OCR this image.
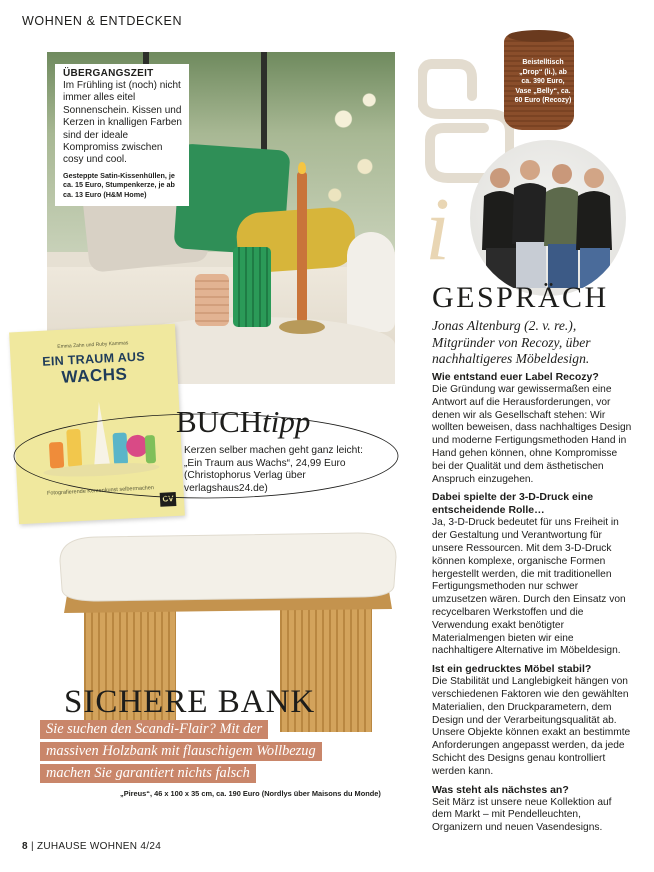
WOHNEN & ENTDECKEN

ÜBERGANGSZEIT

Im Frühling ist (noch) nicht immer alles eitel Sonnenschein. Kissen und Kerzen in knalligen Farben sind der ideale Kompromiss zwischen cosy und cool.

Gesteppte Satin-Kissenhüllen, je ca. 15 Euro, Stumpenkerze, je ab ca. 13 Euro (H&M Home)

Emma Zahn und Ruby Kammas
EIN TRAUM AUS
WACHS
Fotografierende Kerzenkunst selbermachen
CV
BUCHtipp
Kerzen selber machen geht ganz leicht: „Ein Traum aus Wachs“, 24,99 Euro (Christophorus Verlag über verlagshaus24.de)
SICHERE BANK
Sie suchen den Scandi-Flair? Mit der
massiven Holzbank mit flauschigem Wollbezug
machen Sie garantiert nichts falsch
„Pireus“, 46 x 100 x 35 cm, ca. 190 Euro (Nordlys über Maisons du Monde)
Beistelltisch „Drop“ (li.), ab ca. 390 Euro, Vase „Belly“, ca. 60 Euro (Recozy)
i
m
GESPRÄCH
Jonas Altenburg (2. v. re.), Mitgründer von Recozy, über nachhaltigeres Möbeldesign.

Wie entstand euer Label Recozy?

Die Gründung war gewissermaßen eine Antwort auf die Herausforderungen, vor denen wir als Gesellschaft stehen: Wir wollten beweisen, dass nachhaltiges Design und moderne Fertigungsmethoden Hand in Hand gehen können, ohne Kompromisse bei der Qualität und dem ästhetischen Anspruch einzugehen.

Dabei spielte der 3-D-Druck eine entscheidende Rolle…

Ja, 3-D-Druck bedeutet für uns Freiheit in der Gestaltung und Verantwortung für unsere Ressourcen. Mit dem 3-D-Druck können komplexe, organische Formen hergestellt werden, die mit traditionellen Fertigungsmethoden nur schwer umzusetzen wären. Durch den Einsatz von recycelbaren Werkstoffen und die Verwendung exakt benötigter Materialmengen bieten wir eine nachhaltigere Alternative im Möbeldesign.

Ist ein gedrucktes Möbel stabil?

Die Stabilität und Langlebigkeit hängen von verschiedenen Faktoren wie den gewählten Materialien, den Druckparametern, dem Design und der Verarbeitungsqualität ab. Unsere Objekte können exakt an bestimmte Anforderungen angepasst werden, da jede Schicht des Designs genau kontrolliert werden kann.

Was steht als nächstes an?

Seit März ist unsere neue Kollektion auf dem Markt – mit Pendelleuchten, Organizern und neuen Vasendesigns.

8 | ZUHAUSE WOHNEN 4/24
